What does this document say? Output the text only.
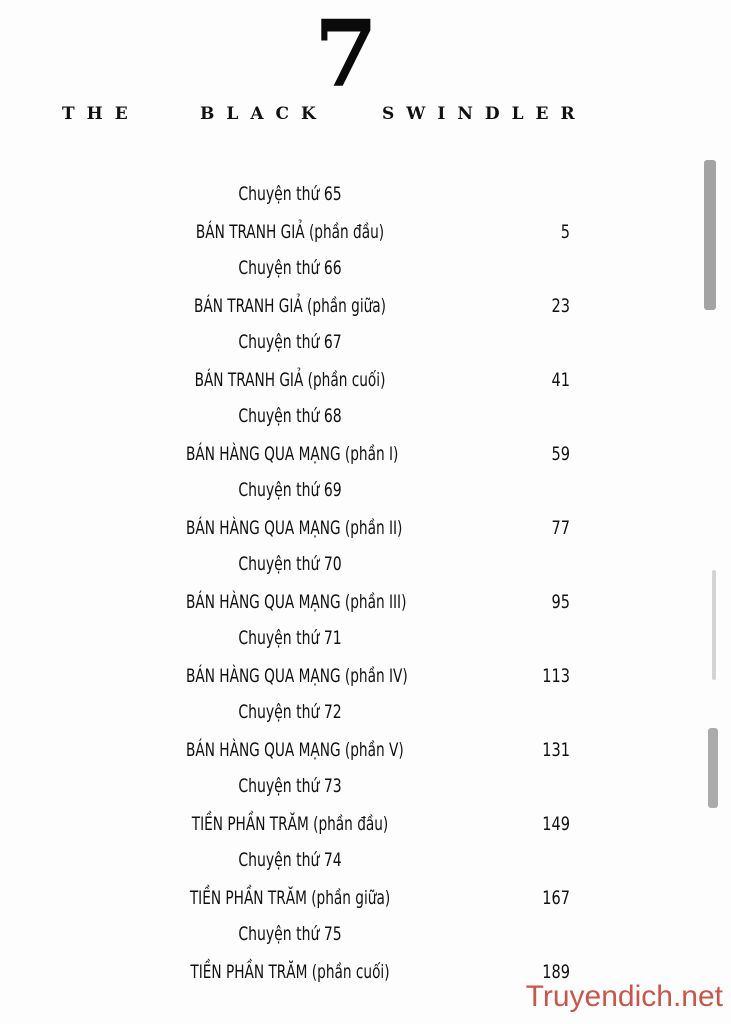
7
THE	BLACK	SWINDLER
Chuyện thứ 65
BÁN TRANH GIẢ (phần đầu)	5
Chuyện thứ 66
BÁN TRANH GIẢ (phần giữa)	23
Chuyện thứ 67
BÁN TRANH GIẢ (phần cuối)	41
Chuyện thứ 68
BÁN HÀNG QUA MẠNG (phần I)	59
Chuyện thứ 69
BÁN HÀNG QUA MẠNG (phần II)	77
Chuyện thứ 70
BÁN HÀNG QUA MẠNG (phần III)	95
Chuyện thứ 71
BÁN HÀNG QUA MẠNG (phần IV)	113
Chuyện thứ 72
BÁN HÀNG QUA MẠNG (phần V)	131
Chuyện thứ 73
TIỀN PHẦN TRĂM (phần đầu)	149
Chuyện thứ 74
TIỀN PHẦN TRĂM (phần giữa)	167
Chuyện thứ 75
TIỀN PHẦN TRĂM (phần cuối)	189
Truyendich.net
